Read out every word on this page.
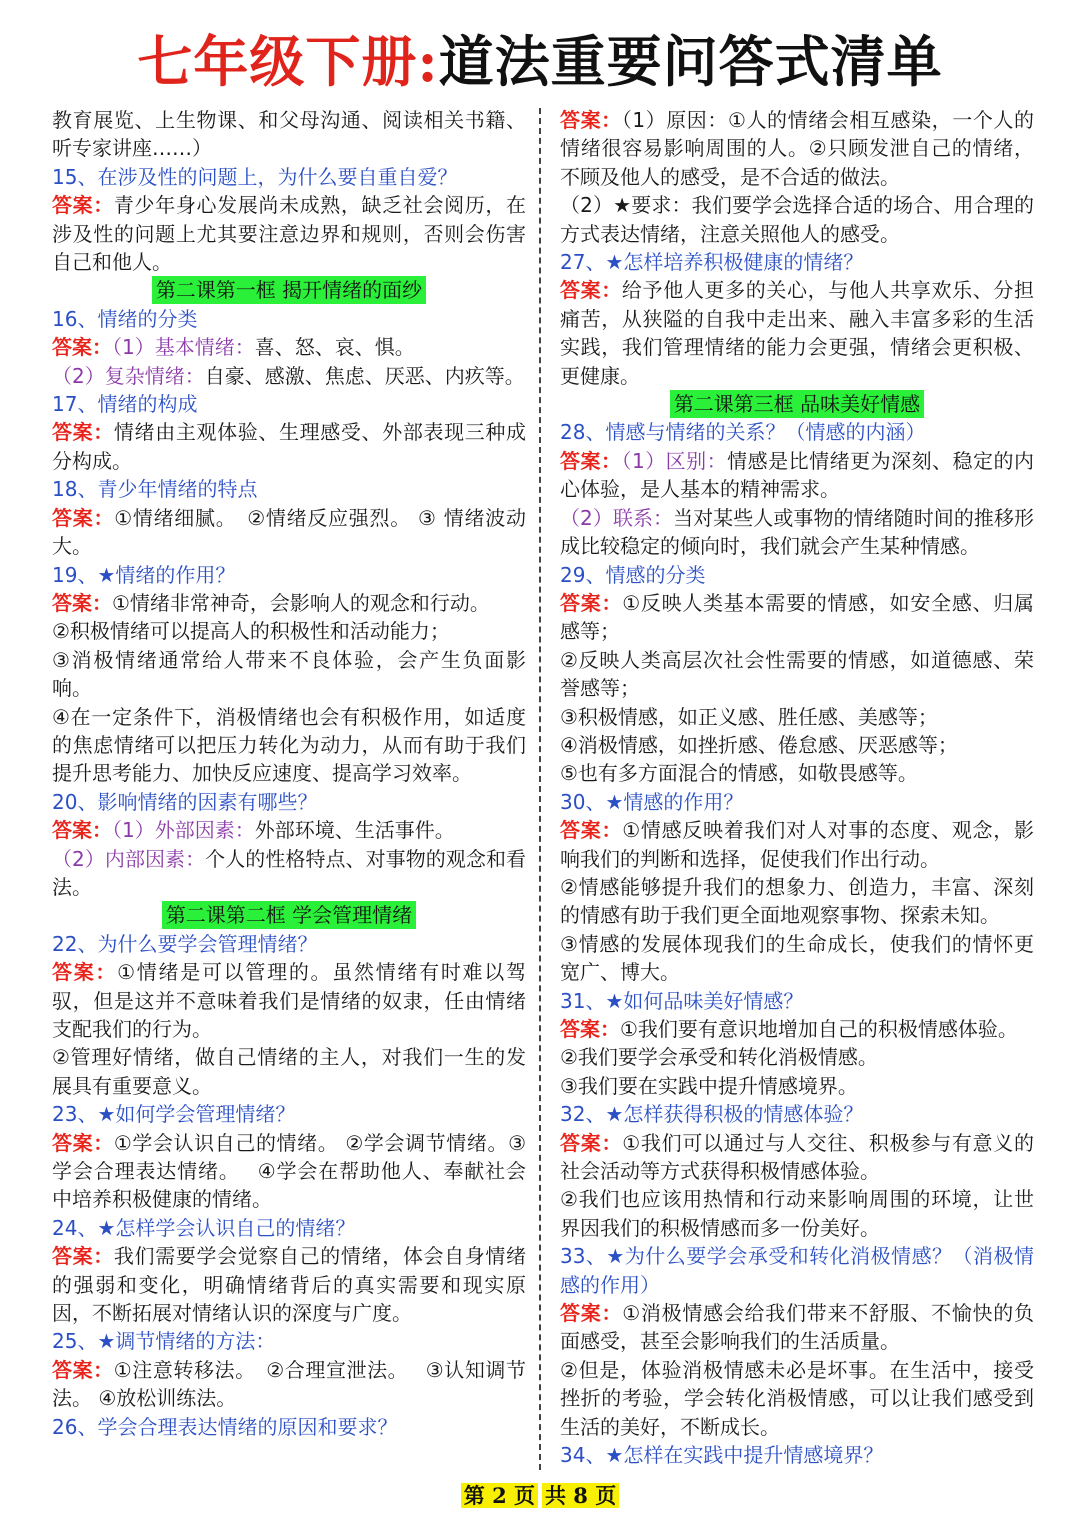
七年级下册:道法重要问答式清单

教育展览、上生物课、和父母沟通、阅读相关书籍、听专家讲座……）

15、在涉及性的问题上，为什么要自重自爱？

答案：青少年身心发展尚未成熟，缺乏社会阅历，在涉及性的问题上尤其要注意边界和规则，否则会伤害自己和他人。

第二课第一框 揭开情绪的面纱

16、情绪的分类

答案：（1）基本情绪：喜、怒、哀、惧。

（2）复杂情绪：自豪、感激、焦虑、厌恶、内疚等。

17、情绪的构成

答案：情绪由主观体验、生理感受、外部表现三种成分构成。

18、青少年情绪的特点

答案：①情绪细腻。　②情绪反应强烈。 ③ 情绪波动大。

19、★情绪的作用？

答案：①情绪非常神奇，会影响人的观念和行动。

②积极情绪可以提高人的积极性和活动能力；

③消极情绪通常给人带来不良体验，会产生负面影响。

④在一定条件下，消极情绪也会有积极作用，如适度的焦虑情绪可以把压力转化为动力，从而有助于我们提升思考能力、加快反应速度、提高学习效率。

20、影响情绪的因素有哪些？

答案：（1）外部因素：外部环境、生活事件。

（2）内部因素：个人的性格特点、对事物的观念和看法。

第二课第二框 学会管理情绪

22、为什么要学会管理情绪？

答案：①情绪是可以管理的。虽然情绪有时难以驾驭，但是这并不意味着我们是情绪的奴隶，任由情绪支配我们的行为。

②管理好情绪，做自己情绪的主人，对我们一生的发展具有重要意义。

23、★如何学会管理情绪？

答案：①学会认识自己的情绪。 ②学会调节情绪。③学会合理表达情绪。　 ④学会在帮助他人、奉献社会中培养积极健康的情绪。

24、★怎样学会认识自己的情绪？

答案：我们需要学会觉察自己的情绪，体会自身情绪的强弱和变化，明确情绪背后的真实需要和现实原因，不断拓展对情绪认识的深度与广度。

25、★调节情绪的方法：

答案：①注意转移法。　②合理宣泄法。　 ③认知调节法。 ④放松训练法。

26、学会合理表达情绪的原因和要求？

答案：（1）原因：①人的情绪会相互感染，一个人的情绪很容易影响周围的人。②只顾发泄自己的情绪，不顾及他人的感受，是不合适的做法。

（2）★要求：我们要学会选择合适的场合、用合理的方式表达情绪，注意关照他人的感受。

27、★怎样培养积极健康的情绪？

答案：给予他人更多的关心，与他人共享欢乐、分担痛苦，从狭隘的自我中走出来、融入丰富多彩的生活实践，我们管理情绪的能力会更强，情绪会更积极、更健康。

第二课第三框 品味美好情感

28、情感与情绪的关系？（情感的内涵）

答案：（1）区别：情感是比情绪更为深刻、稳定的内心体验，是人基本的精神需求。

（2）联系：当对某些人或事物的情绪随时间的推移形成比较稳定的倾向时，我们就会产生某种情感。

29、情感的分类

答案：①反映人类基本需要的情感，如安全感、归属感等；

②反映人类高层次社会性需要的情感，如道德感、荣誉感等；

③积极情感，如正义感、胜任感、美感等；

④消极情感，如挫折感、倦怠感、厌恶感等；

⑤也有多方面混合的情感，如敬畏感等。

30、★情感的作用？

答案：①情感反映着我们对人对事的态度、观念，影响我们的判断和选择，促使我们作出行动。

②情感能够提升我们的想象力、创造力，丰富、深刻的情感有助于我们更全面地观察事物、探索未知。

③情感的发展体现我们的生命成长，使我们的情怀更宽广、博大。

31、★如何品味美好情感？

答案：①我们要有意识地增加自己的积极情感体验。

②我们要学会承受和转化消极情感。

③我们要在实践中提升情感境界。

32、★怎样获得积极的情感体验？

答案：①我们可以通过与人交往、积极参与有意义的社会活动等方式获得积极情感体验。

②我们也应该用热情和行动来影响周围的环境，让世界因我们的积极情感而多一份美好。

33、★为什么要学会承受和转化消极情感？（消极情感的作用）

答案：①消极情感会给我们带来不舒服、不愉快的负面感受，甚至会影响我们的生活质量。

②但是，体验消极情感未必是坏事。在生活中，接受挫折的考验，学会转化消极情感，可以让我们感受到生活的美好，不断成长。

34、★怎样在实践中提升情感境界？

第 2 页 共 8 页
